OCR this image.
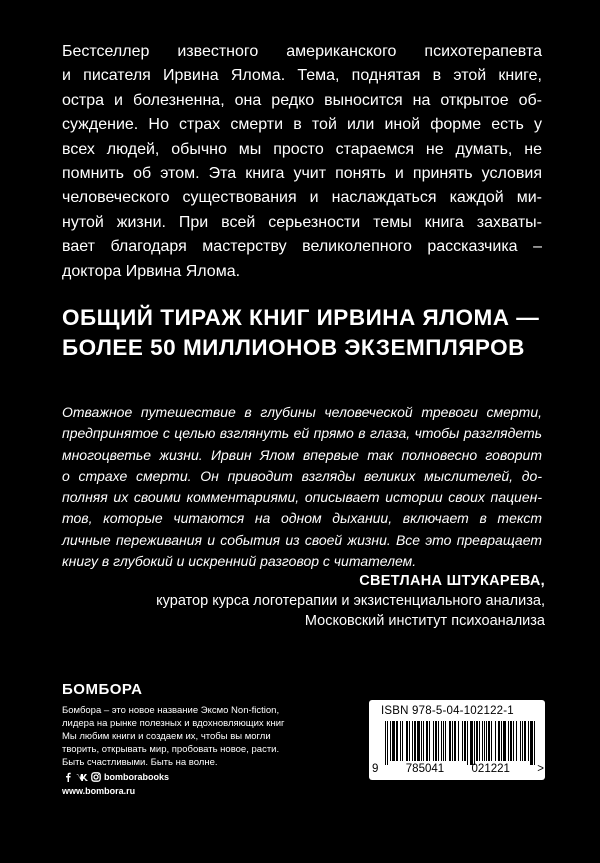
Бестселлер известного американского психотерапевта
и писателя Ирвина Ялома. Тема, поднятая в этой книге,
остра и болезненна, она редко выносится на открытое об-
суждение. Но страх смерти в той или иной форме есть у
всех людей, обычно мы просто стараемся не думать, не
помнить об этом. Эта книга учит понять и принять условия
человеческого существования и наслаждаться каждой ми-
нутой жизни. При всей серьезности темы книга захваты-
вает благодаря мастерству великолепного рассказчика –
доктора Ирвина Ялома.
ОБЩИЙ ТИРАЖ КНИГ ИРВИНА ЯЛОМА —
БОЛЕЕ 50 МИЛЛИОНОВ ЭКЗЕМПЛЯРОВ
Отважное путешествие в глубины человеческой тревоги смерти,
предпринятое с целью взглянуть ей прямо в глаза, чтобы разглядеть
многоцветье жизни. Ирвин Ялом впервые так полновесно говорит
о страхе смерти. Он приводит взгляды великих мыслителей, до-
полняя их своими комментариями, описывает истории своих пациен-
тов, которые читаются на одном дыхании, включает в текст
личные переживания и события из своей жизни. Все это превращает
книгу в глубокий и искренний разговор с читателем.
СВЕТЛАНА ШТУКАРЕВА,
куратор курса логотерапии и экзистенциального анализа,
Московский институт психоанализа
БОМБОРА
Бомбора – это новое название Эксмо Non-fiction,
лидера на рынке полезных и вдохновляющих книг
Мы любим книги и создаем их, чтобы вы могли
творить, открывать мир, пробовать новое, расти.
Быть счастливыми. Быть на волне.
bomborabooks
www.bombora.ru
ISBN 978-5-04-102122-1
9 785041 021221 >
